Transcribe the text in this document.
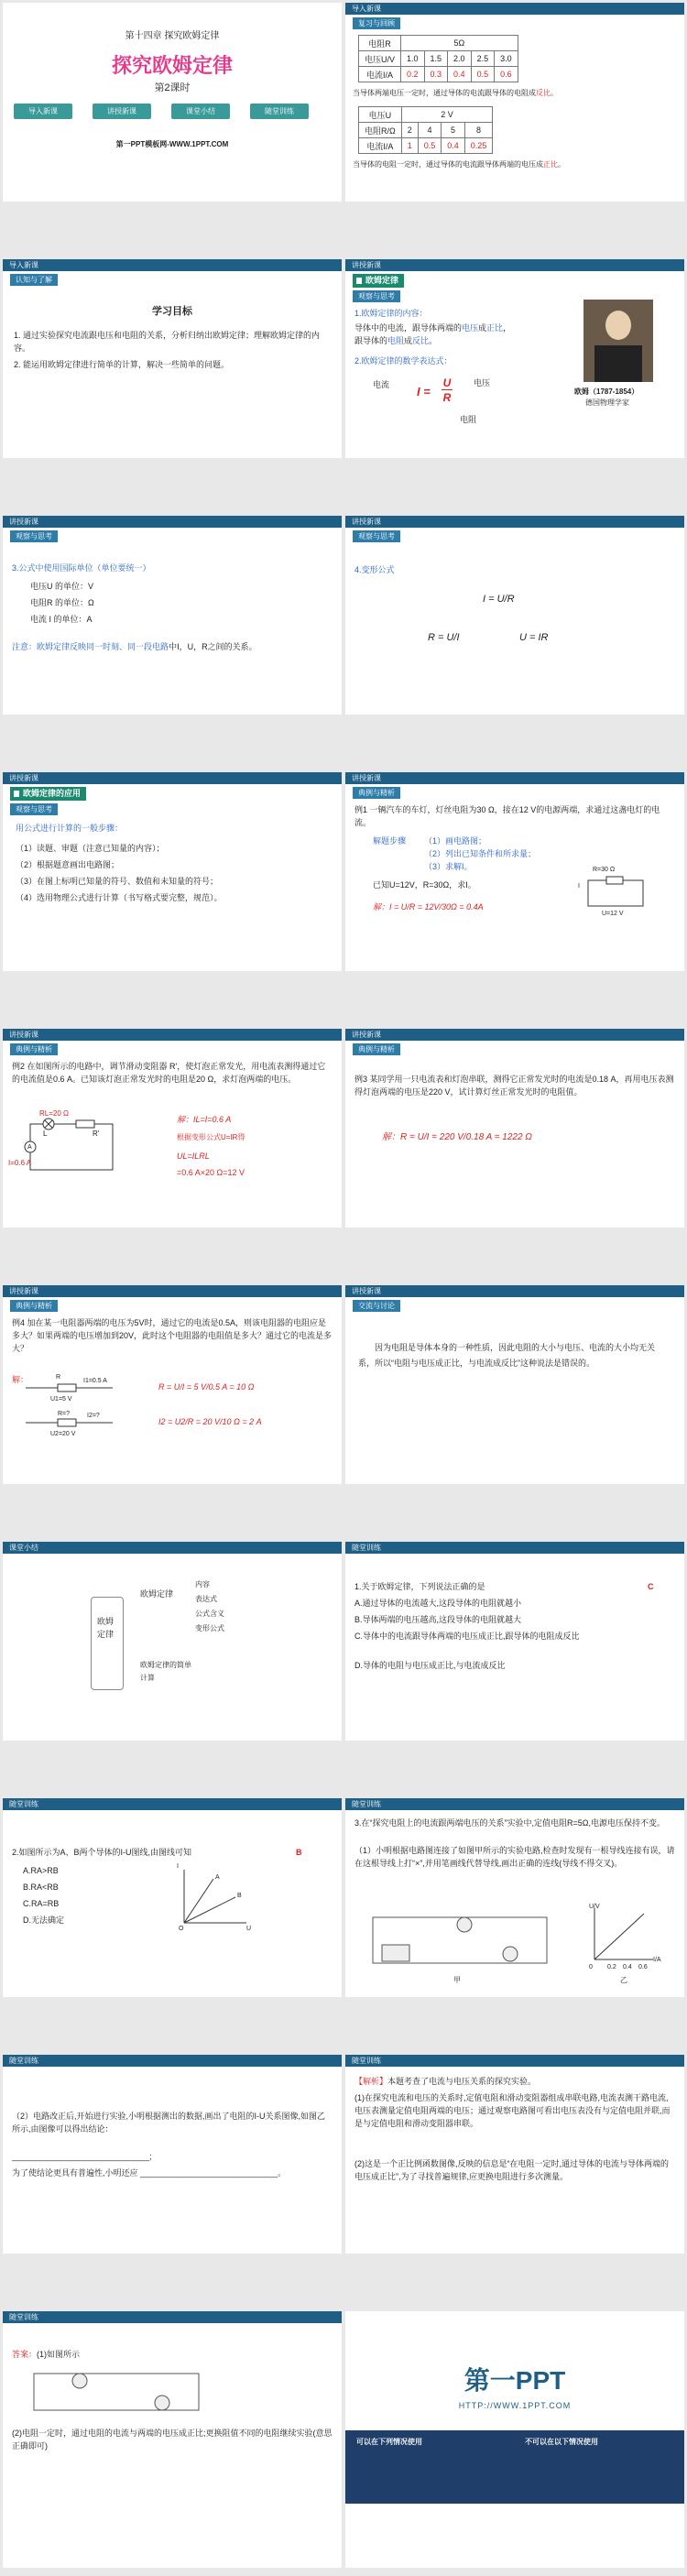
第十四章 探究欧姆定律
探究欧姆定律
第2课时
导入新课	讲授新课	课堂小结	随堂训练
第一PPT模板网-WWW.1PPT.COM
导入新课
复习与回顾
电阻R	5Ω				
电压U/V	1.0	1.5	2.0	2.5	3.0
电流I/A	0.2	0.3	0.4	0.5	0.6
当导体两端电压一定时，通过导体的电流跟导体的电阻成反比。
电压U	2 V			
电阻R/Ω	2	4	5	8
电流I/A	1	0.5	0.4	0.25
当导体的电阻一定时，通过导体的电流跟导体两端的电压成正比。
导入新课
认知与了解
学习目标
1. 通过实验探究电流跟电压和电阻的关系，分析归纳出欧姆定律；理解欧姆定律的内容。
2. 能运用欧姆定律进行简单的计算，解决一些简单的问题。
讲授新课
欧姆定律
观察与思考
1.欧姆定律的内容：
导体中的电流，跟导体两端的电压成正比，
跟导体的电阻成反比。
2.欧姆定律的数学表达式：
电流	电压
电阻
I =
U
R	欧姆（1787-1854）
德国物理学家
讲授新课
观察与思考
3.公式中使用国际单位（单位要统一）
电压U 的单位：V
电阻R 的单位：Ω
电流 I 的单位：A
注意：欧姆定律反映同一时刻、同一段电路中I，U，R之间的关系。
讲授新课
观察与思考
4.变形公式
I = U/R
R = U/I	U = IR
讲授新课
欧姆定律的应用
观察与思考
用公式进行计算的一般步骤：
（1）读题、审题（注意已知量的内容）；
（2）根据题意画出电路图；
（3）在图上标明已知量的符号、数值和未知量的符号；
（4）选用物理公式进行计算（书写格式要完整，规范）。
讲授新课
典例与精析
例1 一辆汽车的车灯，灯丝电阻为30 Ω，接在12 V的电源两端，求通过这盏电灯的电流。
解题步骤 （1）画电路图；
（2）列出已知条件和所求量；
（3）求解I。
已知U=12V，R=30Ω，求I。
解：I = U/R = 12V/30Ω = 0.4A
R=30 Ω
U=12 V
I
讲授新课
典例与精析
例2 在如图所示的电路中，调节滑动变阻器 R'，使灯泡正常发光，用电流表测得通过它的电流值是0.6 A。已知该灯泡正常发光时的电阻是20 Ω，求灯泡两端的电压。
RL=20 Ω
L	R'
I=0.6 A
A
解：IL=I=0.6 A
根据变形公式U=IR得
UL=ILRL
=0.6 A×20 Ω=12 V
讲授新课
典例与精析
例3 某同学用一只电流表和灯泡串联，测得它正常发光时的电流是0.18 A，再用电压表测得灯泡两端的电压是220 V，试计算灯丝正常发光时的电阻值。
解：R = U/I = 220 V/0.18 A = 1222 Ω
讲授新课
典例与精析
例4 加在某一电阻器两端的电压为5V时，通过它的电流是0.5A，则该电阻器的电阻应是多大？如果两端的电压增加到20V，此时这个电阻器的电阻值是多大？通过它的电流是多大？
解：	R
I1=0.5 A
U1=5 V
R=?	I2=?
U2=20 V
R = U/I = 5 V/0.5 A = 10 Ω
I2 = U2/R = 20 V/10 Ω = 2 A
讲授新课
交流与讨论
因为电阻是导体本身的一种性质，因此电阻的大小与电压、电流的大小均无关系，所以“电阻与电压成正比，与电流成反比”这种说法是错误的。
课堂小结
欧姆定律
欧姆定律
内容
表达式
公式含义
变形公式
欧姆定律的简单计算
随堂训练
1.关于欧姆定律，下列说法正确的是	C
A.通过导体的电流越大,这段导体的电阻就越小
B.导体两端的电压越高,这段导体的电阻就越大
C.导体中的电流跟导体两端的电压成正比,跟导体的电阻成反比
D.导体的电阻与电压成正比,与电流成反比
随堂训练
2.如图所示为A、B两个导体的I-U图线,由图线可知	B
A.RA>RB
B.RA<RB
C.RA=RB
D.无法确定
I
U
A
B
O
随堂训练
3.在“探究电阻上的电流跟两端电压的关系”实验中,定值电阻R=5Ω,电源电压保持不变。
（1）小明根据电路图连接了如图甲所示的实验电路,检查时发现有一根导线连接有误，请在这根导线上打“×”,并用笔画线代替导线,画出正确的连线(导线不得交叉)。
甲
U/V
I/A
0.2 0.4 0.6
0
乙
随堂训练
（2）电路改正后,开始进行实验,小明根据测出的数据,画出了电阻的I-U关系图像,如图乙所示,由图像可以得出结论：
______________________________;
为了使结论更具有普遍性,小明还应 ______________________________。
随堂训练
【解析】本题考查了电流与电压关系的探究实验。
(1)在探究电流和电压的关系时,定值电阻和滑动变阻器组成串联电路,电流表测干路电流,电压表测量定值电阻两端的电压；通过观察电路图可看出电压表没有与定值电阻并联,而是与定值电阻和滑动变阻器串联。
(2)这是一个正比例函数图像,反映的信息是“在电阻一定时,通过导体的电流与导体两端的电压成正比”,为了寻找普遍规律,应更换电阻进行多次测量。
随堂训练
答案：(1)如图所示
(2)电阻一定时，通过电阻的电流与两端的电压成正比;更换阻值不同的电阻继续实验(意思正确即可)
第一PPT
HTTP://WWW.1PPT.COM
可以在下列情况使用	不可以在以下情况使用
